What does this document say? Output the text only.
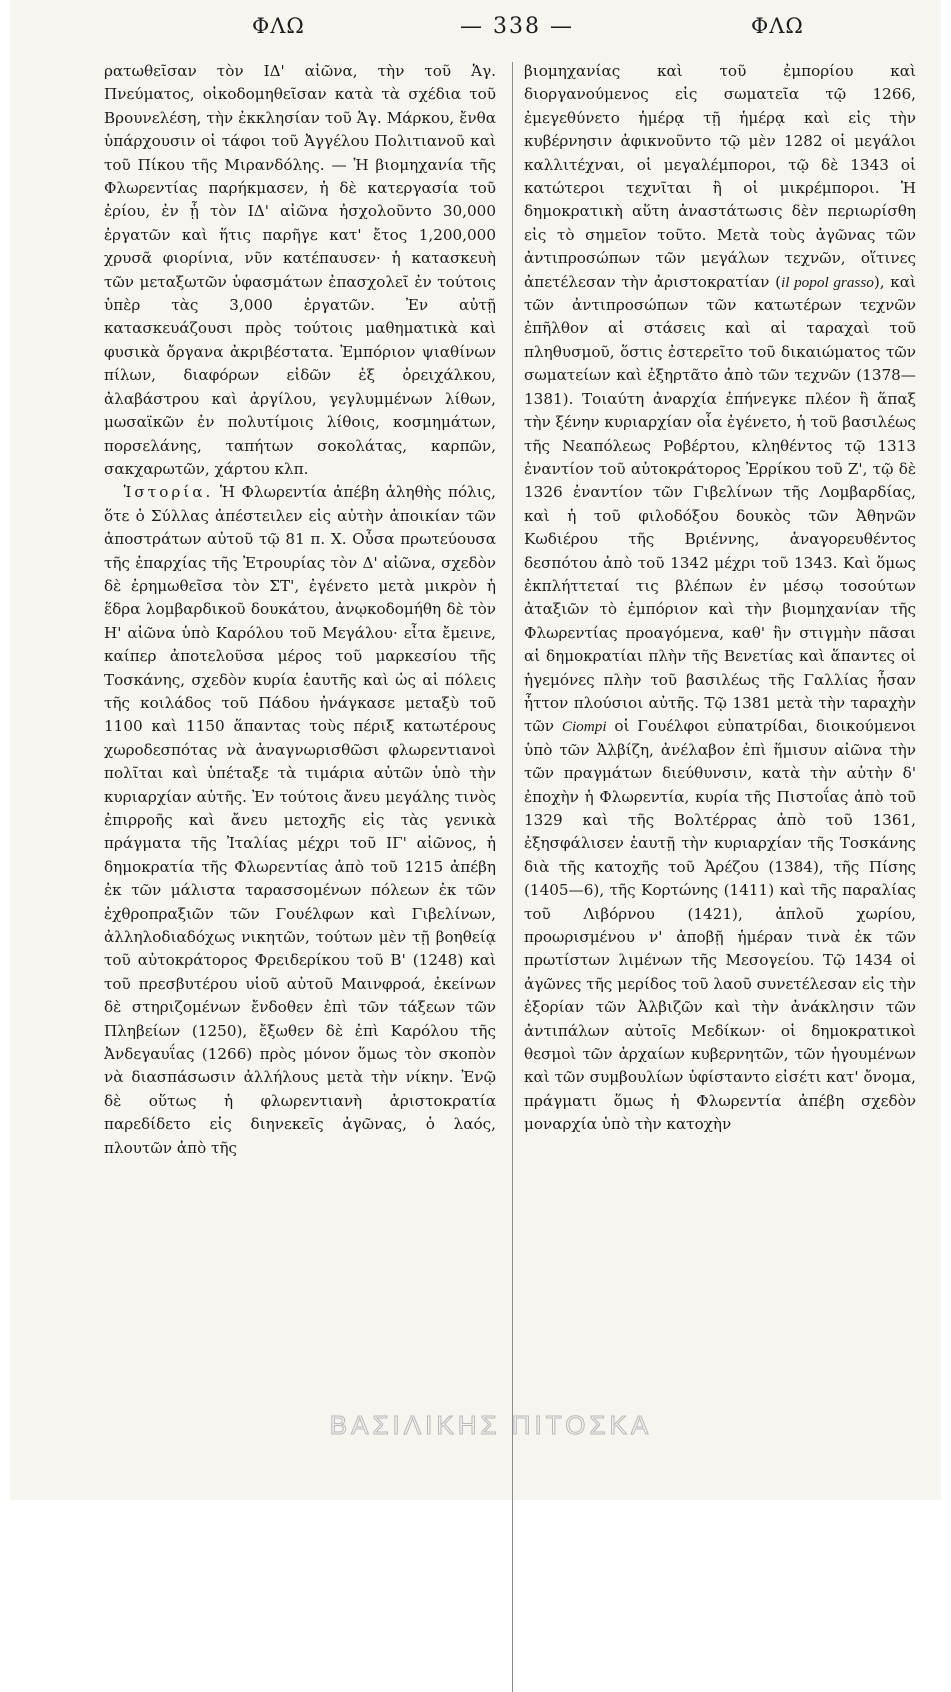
ΦΛΩ	— 338 —	ΦΛΩ

ρατωθεῖσαν τὸν ΙΔ' αἰῶνα, τὴν τοῦ Ἁγ. Πνεύματος, οἰκοδομηθεῖσαν κατὰ τὰ σχέδια τοῦ Βρουνελέση, τὴν ἐκκλησίαν τοῦ Ἁγ. Μάρκου, ἔνθα ὑπάρχουσιν οἱ τάφοι τοῦ Ἀγγέλου Πολιτιανοῦ καὶ τοῦ Πίκου τῆς Μιρανδόλης. — Ἡ βιομηχανία τῆς Φλωρεντίας παρήκμασεν, ἡ δὲ κατεργασία τοῦ ἐρίου, ἐν ᾗ τὸν ΙΔ' αἰῶνα ἠσχολοῦντο 30,000 ἐργατῶν καὶ ἥτις παρῆγε κατ' ἔτος 1,200,000 χρυσᾶ φιορίνια, νῦν κατέπαυσεν· ἡ κατασκευὴ τῶν μεταξωτῶν ὑφασμάτων ἐπασχολεῖ ἐν τούτοις ὑπὲρ τὰς 3,000 ἐργατῶν. Ἐν αὐτῇ κατασκευάζουσι πρὸς τούτοις μαθηματικὰ καὶ φυσικὰ ὄργανα ἀκριβέστατα. Ἐμπόριον ψιαθίνων πίλων, διαφόρων εἰδῶν ἐξ ὀρειχάλκου, ἀλαβάστρου καὶ ἀργίλου, γεγλυμμένων λίθων, μωσαϊκῶν ἐν πολυτίμοις λίθοις, κοσμημάτων, πορσελάνης, ταπήτων σοκολάτας, καρπῶν, σακχαρωτῶν, χάρτου κλπ.

Ἱστορία. Ἡ Φλωρεντία ἀπέβη ἀληθὴς πόλις, ὅτε ὁ Σύλλας ἀπέστειλεν εἰς αὐτὴν ἀποικίαν τῶν ἀποστράτων αὐτοῦ τῷ 81 π. Χ. Οὖσα πρωτεύουσα τῆς ἐπαρχίας τῆς Ἐτρουρίας τὸν Δ' αἰῶνα, σχεδὸν δὲ ἐρημωθεῖσα τὸν ΣΤ', ἐγένετο μετὰ μικρὸν ἡ ἕδρα λομβαρδικοῦ δουκάτου, ἀνῳκοδομήθη δὲ τὸν Η' αἰῶνα ὑπὸ Καρόλου τοῦ Μεγάλου· εἶτα ἔμεινε, καίπερ ἀποτελοῦσα μέρος τοῦ μαρκεσίου τῆς Τοσκάνης, σχεδὸν κυρία ἑαυτῆς καὶ ὡς αἱ πόλεις τῆς κοιλάδος τοῦ Πάδου ἠνάγκασε μεταξὺ τοῦ 1100 καὶ 1150 ἅπαντας τοὺς πέριξ κατωτέρους χωροδεσπότας νὰ ἀναγνωρισθῶσι φλωρεντιανοὶ πολῖται καὶ ὑπέταξε τὰ τιμάρια αὐτῶν ὑπὸ τὴν κυριαρχίαν αὐτῆς. Ἐν τούτοις ἄνευ μεγάλης τινὸς ἐπιρροῆς καὶ ἄνευ μετοχῆς εἰς τὰς γενικὰ πράγματα τῆς Ἰταλίας μέχρι τοῦ ΙΓ' αἰῶνος, ἡ δημοκρατία τῆς Φλωρεντίας ἀπὸ τοῦ 1215 ἀπέβη ἐκ τῶν μάλιστα ταρασσομένων πόλεων ἐκ τῶν ἐχθροπραξιῶν τῶν Γουέλφων καὶ Γιβελίνων, ἀλληλοδιαδόχως νικητῶν, τούτων μὲν τῇ βοηθείᾳ τοῦ αὐτοκράτορος Φρειδερίκου τοῦ Β' (1248) καὶ τοῦ πρεσβυτέρου υἱοῦ αὐτοῦ Μαινφροά, ἐκείνων δὲ στηριζομένων ἔνδοθεν ἐπὶ τῶν τάξεων τῶν Πληβείων (1250), ἔξωθεν δὲ ἐπὶ Καρόλου τῆς Ἀνδεγαυΐας (1266) πρὸς μόνον ὅμως τὸν σκοπὸν νὰ διασπάσωσιν ἀλλήλους μετὰ τὴν νίκην. Ἐνῷ δὲ οὕτως ἡ φλωρεντιανὴ ἀριστοκρατία παρεδίδετο εἰς διηνεκεῖς ἀγῶνας, ὁ λαός, πλουτῶν ἀπὸ τῆς

βιομηχανίας καὶ τοῦ ἐμπορίου καὶ διοργανούμενος εἰς σωματεῖα τῷ 1266, ἐμεγεθύνετο ἡμέρᾳ τῇ ἡμέρᾳ καὶ εἰς τὴν κυβέρνησιν ἀφικνοῦντο τῷ μὲν 1282 οἱ μεγάλοι καλλιτέχναι, οἱ μεγαλέμποροι, τῷ δὲ 1343 οἱ κατώτεροι τεχνῖται ἢ οἱ μικρέμποροι. Ἡ δημοκρατικὴ αὕτη ἀναστάτωσις δὲν περιωρίσθη εἰς τὸ σημεῖον τοῦτο. Μετὰ τοὺς ἀγῶνας τῶν ἀντιπροσώπων τῶν μεγάλων τεχνῶν, οἵτινες ἀπετέλεσαν τὴν ἀριστοκρατίαν (il popol grasso), καὶ τῶν ἀντιπροσώπων τῶν κατωτέρων τεχνῶν ἐπῆλθον αἱ στάσεις καὶ αἱ ταραχαὶ τοῦ πληθυσμοῦ, ὅστις ἐστερεῖτο τοῦ δικαιώματος τῶν σωματείων καὶ ἐξηρτᾶτο ἀπὸ τῶν τεχνῶν (1378—1381). Τοιαύτη ἀναρχία ἐπήνεγκε πλέον ἢ ἅπαξ τὴν ξένην κυριαρχίαν οἷα ἐγένετο, ἡ τοῦ βασιλέως τῆς Νεαπόλεως Ροβέρτου, κληθέντος τῷ 1313 ἐναντίον τοῦ αὐτοκράτορος Ἐρρίκου τοῦ Ζ', τῷ δὲ 1326 ἐναντίον τῶν Γιβελίνων τῆς Λομβαρδίας, καὶ ἡ τοῦ φιλοδόξου δουκὸς τῶν Ἀθηνῶν Κωδιέρου τῆς Βριέννης, ἀναγορευθέντος δεσπότου ἀπὸ τοῦ 1342 μέχρι τοῦ 1343. Καὶ ὅμως ἐκπλήττεταί τις βλέπων ἐν μέσῳ τοσούτων ἀταξιῶν τὸ ἐμπόριον καὶ τὴν βιομηχανίαν τῆς Φλωρεντίας προαγόμενα, καθ' ἣν στιγμὴν πᾶσαι αἱ δημοκρατίαι πλὴν τῆς Βενετίας καὶ ἅπαντες οἱ ἡγεμόνες πλὴν τοῦ βασιλέως τῆς Γαλλίας ἦσαν ἧττον πλούσιοι αὐτῆς. Τῷ 1381 μετὰ τὴν ταραχὴν τῶν Ciompi οἱ Γουέλφοι εὐπατρίδαι, διοικούμενοι ὑπὸ τῶν Ἀλβίζη, ἀνέλαβον ἐπὶ ἥμισυν αἰῶνα τὴν τῶν πραγμάτων διεύθυνσιν, κατὰ τὴν αὐτὴν δ' ἐποχὴν ἡ Φλωρεντία, κυρία τῆς Πιστοΐας ἀπὸ τοῦ 1329 καὶ τῆς Βολτέρρας ἀπὸ τοῦ 1361, ἐξησφάλισεν ἑαυτῇ τὴν κυριαρχίαν τῆς Τοσκάνης διὰ τῆς κατοχῆς τοῦ Ἀρέζου (1384), τῆς Πίσης (1405—6), τῆς Κορτώνης (1411) καὶ τῆς παραλίας τοῦ Λιβόρνου (1421), ἁπλοῦ χωρίου, προωρισμένου ν' ἀποβῇ ἡμέραν τινὰ ἐκ τῶν πρωτίστων λιμένων τῆς Μεσογείου. Τῷ 1434 οἱ ἀγῶνες τῆς μερίδος τοῦ λαοῦ συνετέλεσαν εἰς τὴν ἐξορίαν τῶν Ἀλβιζῶν καὶ τὴν ἀνάκλησιν τῶν ἀντιπάλων αὐτοῖς Μεδίκων· οἱ δημοκρατικοὶ θεσμοὶ τῶν ἀρχαίων κυβερνητῶν, τῶν ἡγουμένων καὶ τῶν συμβουλίων ὑφίσταντο εἰσέτι κατ' ὄνομα, πράγματι ὅμως ἡ Φλωρεντία ἀπέβη σχεδὸν μοναρχία ὑπὸ τὴν κατοχὴν

ΒΑΣΙΛΙΚΗΣ ΠΙΤΟΣΚΑ
